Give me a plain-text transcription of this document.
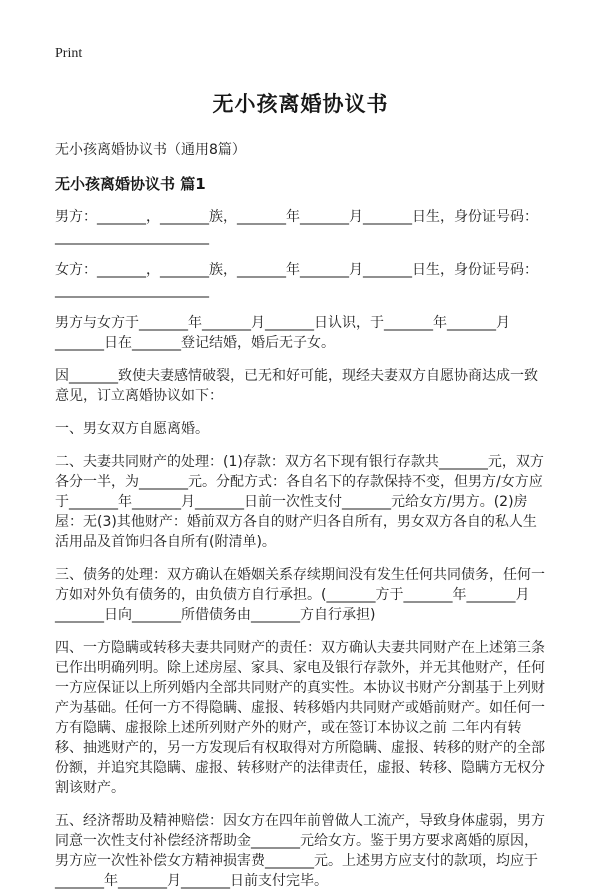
Print
无小孩离婚协议书

无小孩离婚协议书（通用8篇）

无小孩离婚协议书 篇1

男方：_______，_______族，_______年_______月_______日生，身份证号码：______________________

女方：_______，_______族，_______年_______月_______日生，身份证号码：______________________

男方与女方于_______年_______月_______日认识，于_______年_______月_______日在_______登记结婚，婚后无子女。

因_______致使夫妻感情破裂，已无和好可能，现经夫妻双方自愿协商达成一致意见，订立离婚协议如下：

一、男女双方自愿离婚。

二、夫妻共同财产的处理：(1)存款：双方名下现有银行存款共_______元，双方各分一半，为_______元。分配方式：各自名下的存款保持不变，但男方/女方应于_______年_______月_______日前一次性支付_______元给女方/男方。(2)房屋：无(3)其他财产：婚前双方各自的财产归各自所有，男女双方各自的私人生活用品及首饰归各自所有(附清单)。

三、债务的处理：双方确认在婚姻关系存续期间没有发生任何共同债务，任何一方如对外负有债务的，由负债方自行承担。(_______方于_______年_______月_______日向_______所借债务由_______方自行承担)

四、一方隐瞒或转移夫妻共同财产的责任：双方确认夫妻共同财产在上述第三条已作出明确列明。除上述房屋、家具、家电及银行存款外，并无其他财产，任何一方应保证以上所列婚内全部共同财产的真实性。本协议书财产分割基于上列财产为基础。任何一方不得隐瞒、虚报、转移婚内共同财产或婚前财产。如任何一方有隐瞒、虚报除上述所列财产外的财产，或在签订本协议之前 二年内有转移、抽逃财产的，另一方发现后有权取得对方所隐瞒、虚报、转移的财产的全部份额，并追究其隐瞒、虚报、转移财产的法律责任，虚报、转移、隐瞒方无权分割该财产。

五、经济帮助及精神赔偿：因女方在四年前曾做人工流产，导致身体虚弱，男方同意一次性支付补偿经济帮助金_______元给女方。鉴于男方要求离婚的原因，男方应一次性补偿女方精神损害费_______元。上述男方应支付的款项，均应于_______年_______月_______日前支付完毕。
